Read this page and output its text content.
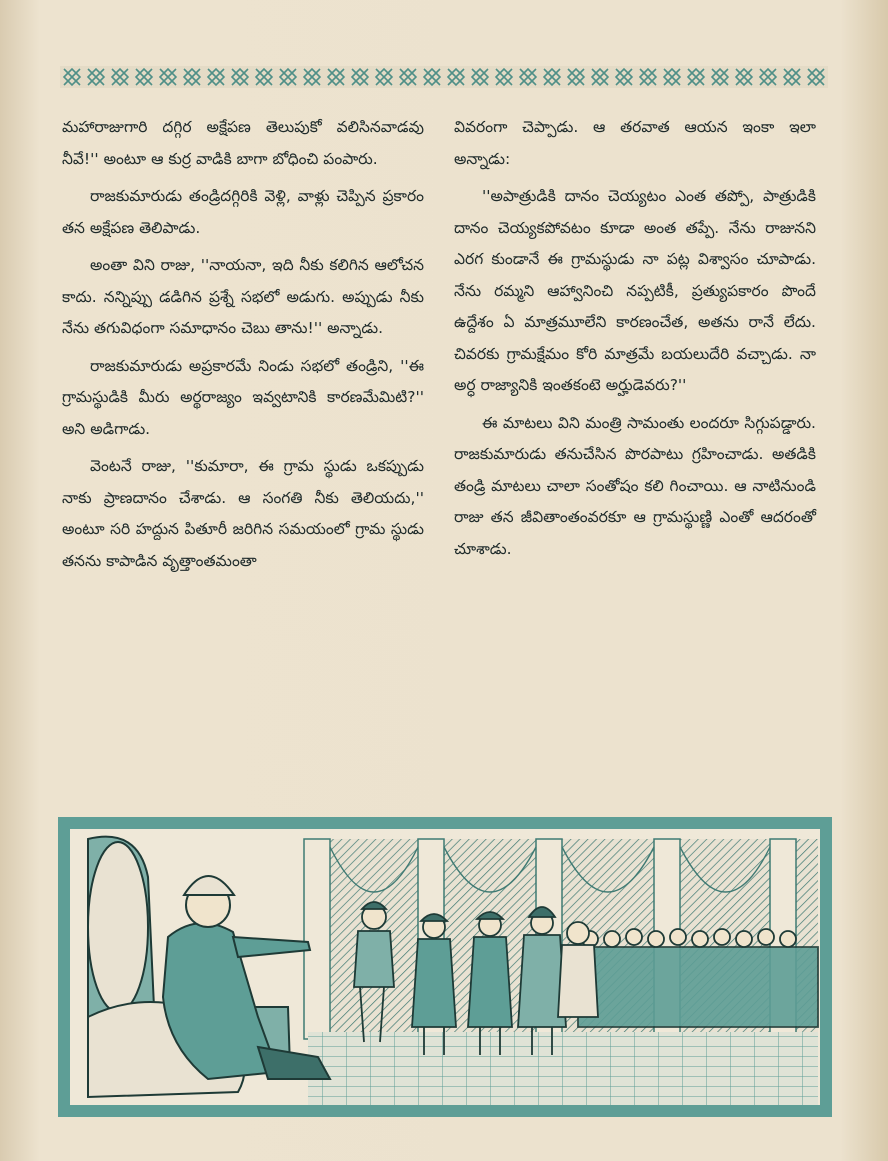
మహారాజుగారి దగ్గిర అక్షేపణ తెలుపుకో వలిసినవాడవు నీవే!'' అంటూ ఆ కుర్ర వాడికి బాగా బోధించి పంపారు.

రాజకుమారుడు తండ్రిదగ్గిరికి వెళ్లి, వాళ్లు చెప్పిన ప్రకారం తన అక్షేపణ తెలిపాడు.

అంతా విని రాజు, ''నాయనా, ఇది నీకు కలిగిన ఆలోచన కాదు. నన్నిప్పు డడిగిన ప్రశ్నే సభలో అడుగు. అప్పుడు నీకు నేను తగువిధంగా సమాధానం చెబు తాను!'' అన్నాడు.

రాజకుమారుడు అప్రకారమే నిండు సభలో తండ్రిని, ''ఈ గ్రామస్థుడికి మీరు అర్థరాజ్యం ఇవ్వటానికి కారణమేమిటి?'' అని అడిగాడు.

వెంటనే రాజు, ''కుమారా, ఈ గ్రామ స్థుడు ఒకప్పుడు నాకు ప్రాణదానం చేశాడు. ఆ సంగతి నీకు తెలియదు,'' అంటూ సరి హద్దున పితూరీ జరిగిన సమయంలో గ్రామ స్థుడు తనను కాపాడిన వృత్తాంతమంతా

వివరంగా చెప్పాడు. ఆ తరవాత ఆయన ఇంకా ఇలా అన్నాడు:

''అపాత్రుడికి దానం చెయ్యటం ఎంత తప్పో, పాత్రుడికి దానం చెయ్యకపోవటం కూడా అంత తప్పే. నేను రాజునని ఎరగ కుండానే ఈ గ్రామస్థుడు నా పట్ల విశ్వాసం చూపాడు. నేను రమ్మని ఆహ్వానించి నప్పటికీ, ప్రత్యుపకారం పొందే ఉద్దేశం ఏ మాత్రమూలేని కారణంచేత, అతను రానే లేదు. చివరకు గ్రామక్షేమం కోరి మాత్రమే బయలుదేరి వచ్చాడు. నా అర్ధ రాజ్యానికి ఇంతకంటె అర్హుడెవరు?''

ఈ మాటలు విని మంత్రి సామంతు లందరూ సిగ్గుపడ్డారు. రాజకుమారుడు తనుచేసిన పొరపాటు గ్రహించాడు. అతడికి తండ్రి మాటలు చాలా సంతోషం కలి గించాయి. ఆ నాటినుండి రాజు తన జీవితాంతంవరకూ ఆ గ్రామస్థుణ్ణి ఎంతో ఆదరంతో చూశాడు.
